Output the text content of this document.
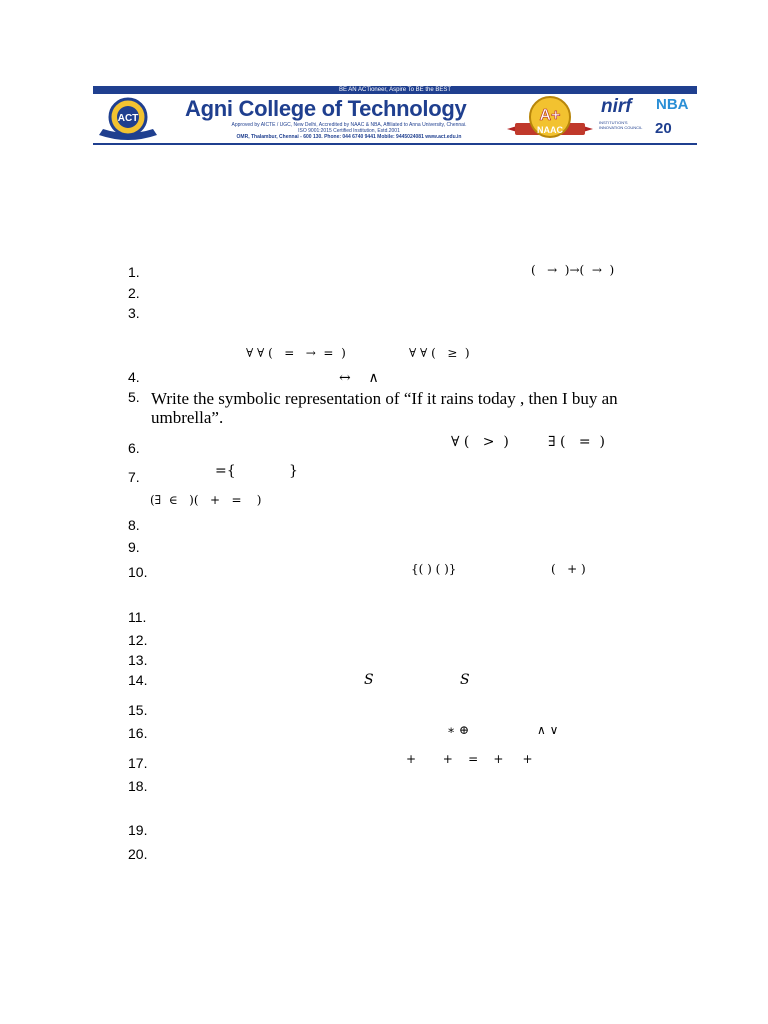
BE AN ACTioneer, Aspire To BE the BEST
ACT Agni College of Technology
Approved by AICTE / UGC, New Delhi, Accredited by NAAC & NBA, Affiliated to Anna University, Chennai.
ISO 9001:2015 Certified Institution, Estd.2001
OMR, Thalambur, Chennai - 600 130. Phone: 044 6740 9441 Mobile: 9445024081 www.act.edu.in
A+
NAAC
nirf
INSTITUTION'S INNOVATION COUNCIL
NBA
20
1.
2.
3.
4.
5.
6.
7.
8.
9.
10.
11.
12.
13.
14.
15.
16.
17.
18.
19.
20.
(   →  )→(  →  )
∀ ∀ (   =   →  =  )	∀ ∀ (   ≥  )
↔    ∧
Write the symbolic representation of “If it rains today , then I buy an umbrella”.
∀ (   >  )	∃ (   =  )
={            }
(∃  ∈   )(   +   =    )
{( ) ( )}	(   + )
S	S
∗ ⊕	∧ ∨
+       +    =    +     +
